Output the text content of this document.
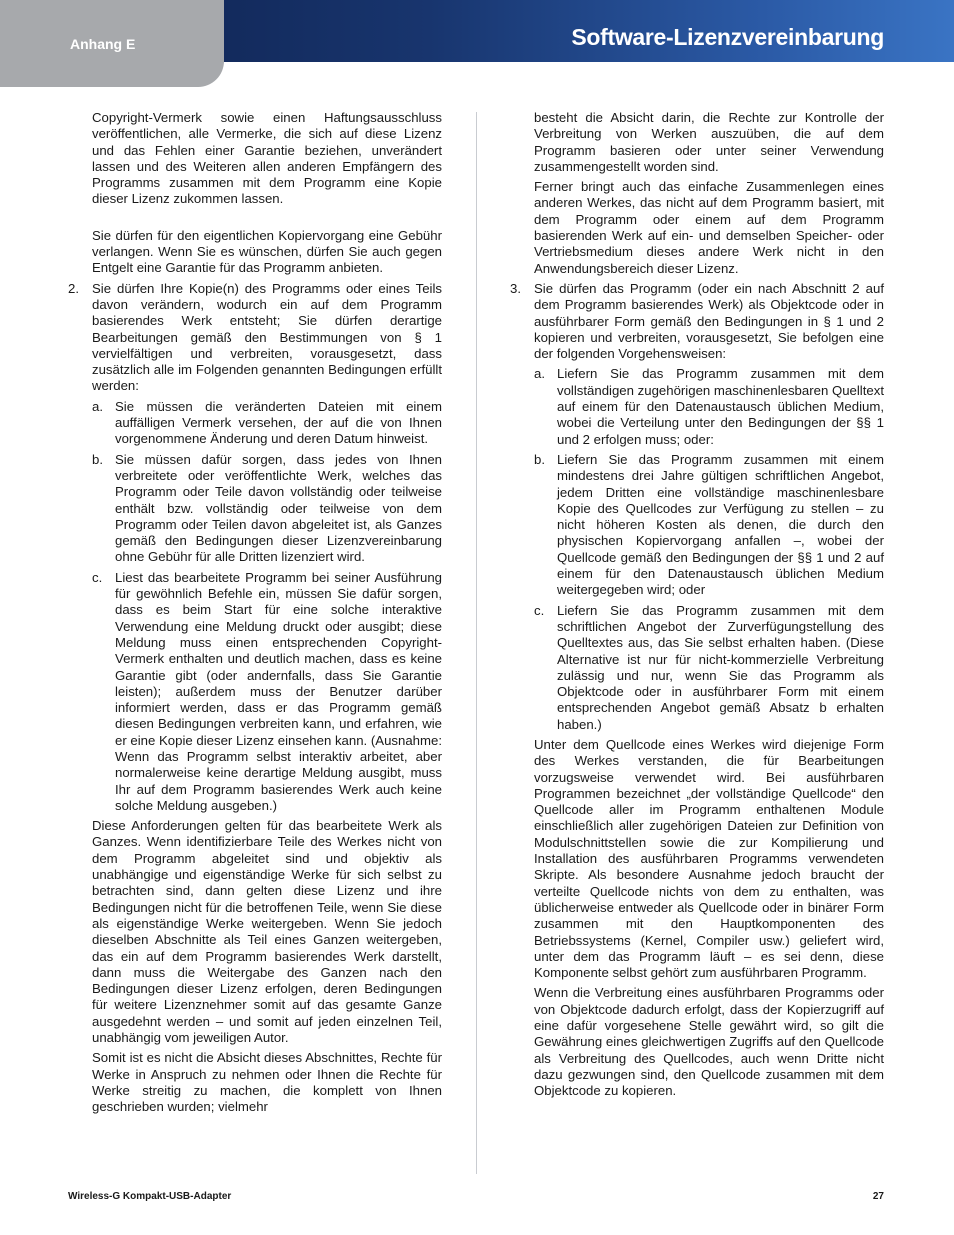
Anhang E	Software-Lizenzvereinbarung

Copyright-Vermerk sowie einen Haftungsausschluss veröffentlichen, alle Vermerke, die sich auf diese Lizenz und das Fehlen einer Garantie beziehen, unverändert lassen und des Weiteren allen anderen Empfängern des Programms zusammen mit dem Programm eine Kopie dieser Lizenz zukommen lassen.

Sie dürfen für den eigentlichen Kopiervorgang eine Gebühr verlangen. Wenn Sie es wünschen, dürfen Sie auch gegen Entgelt eine Garantie für das Programm anbieten.

2. Sie dürfen Ihre Kopie(n) des Programms oder eines Teils davon verändern, wodurch ein auf dem Programm basierendes Werk entsteht; Sie dürfen derartige Bearbeitungen gemäß den Bestimmungen von § 1 vervielfältigen und verbreiten, vorausgesetzt, dass zusätzlich alle im Folgenden genannten Bedingungen erfüllt werden:
a. Sie müssen die veränderten Dateien mit einem auffälligen Vermerk versehen, der auf die von Ihnen vorgenommene Änderung und deren Datum hinweist.
b. Sie müssen dafür sorgen, dass jedes von Ihnen verbreitete oder veröffentlichte Werk, welches das Programm oder Teile davon vollständig oder teilweise enthält bzw. vollständig oder teilweise von dem Programm oder Teilen davon abgeleitet ist, als Ganzes gemäß den Bedingungen dieser Lizenzvereinbarung ohne Gebühr für alle Dritten lizenziert wird.
c. Liest das bearbeitete Programm bei seiner Ausführung für gewöhnlich Befehle ein, müssen Sie dafür sorgen, dass es beim Start für eine solche interaktive Verwendung eine Meldung druckt oder ausgibt; diese Meldung muss einen entsprechenden Copyright-Vermerk enthalten und deutlich machen, dass es keine Garantie gibt (oder andernfalls, dass Sie Garantie leisten); außerdem muss der Benutzer darüber informiert werden, dass er das Programm gemäß diesen Bedingungen verbreiten kann, und erfahren, wie er eine Kopie dieser Lizenz einsehen kann. (Ausnahme: Wenn das Programm selbst interaktiv arbeitet, aber normalerweise keine derartige Meldung ausgibt, muss Ihr auf dem Programm basierendes Werk auch keine solche Meldung ausgeben.)

Diese Anforderungen gelten für das bearbeitete Werk als Ganzes. Wenn identifizierbare Teile des Werkes nicht von dem Programm abgeleitet sind und objektiv als unabhängige und eigenständige Werke für sich selbst zu betrachten sind, dann gelten diese Lizenz und ihre Bedingungen nicht für die betroffenen Teile, wenn Sie diese als eigenständige Werke weitergeben. Wenn Sie jedoch dieselben Abschnitte als Teil eines Ganzen weitergeben, das ein auf dem Programm basierendes Werk darstellt, dann muss die Weitergabe des Ganzen nach den Bedingungen dieser Lizenz erfolgen, deren Bedingungen für weitere Lizenznehmer somit auf das gesamte Ganze ausgedehnt werden – und somit auf jeden einzelnen Teil, unabhängig vom jeweiligen Autor.

Somit ist es nicht die Absicht dieses Abschnittes, Rechte für Werke in Anspruch zu nehmen oder Ihnen die Rechte für Werke streitig zu machen, die komplett von Ihnen geschrieben wurden; vielmehr

besteht die Absicht darin, die Rechte zur Kontrolle der Verbreitung von Werken auszuüben, die auf dem Programm basieren oder unter seiner Verwendung zusammengestellt worden sind.

Ferner bringt auch das einfache Zusammenlegen eines anderen Werkes, das nicht auf dem Programm basiert, mit dem Programm oder einem auf dem Programm basierenden Werk auf ein- und demselben Speicher- oder Vertriebsmedium dieses andere Werk nicht in den Anwendungsbereich dieser Lizenz.

3. Sie dürfen das Programm (oder ein nach Abschnitt 2 auf dem Programm basierendes Werk) als Objektcode oder in ausführbarer Form gemäß den Bedingungen in § 1 und 2 kopieren und verbreiten, vorausgesetzt, Sie befolgen eine der folgenden Vorgehensweisen:
a. Liefern Sie das Programm zusammen mit dem vollständigen zugehörigen maschinenlesbaren Quelltext auf einem für den Datenaustausch üblichen Medium, wobei die Verteilung unter den Bedingungen der §§ 1 und 2 erfolgen muss; oder:
b. Liefern Sie das Programm zusammen mit einem mindestens drei Jahre gültigen schriftlichen Angebot, jedem Dritten eine vollständige maschinenlesbare Kopie des Quellcodes zur Verfügung zu stellen – zu nicht höheren Kosten als denen, die durch den physischen Kopiervorgang anfallen –, wobei der Quellcode gemäß den Bedingungen der §§ 1 und 2 auf einem für den Datenaustausch üblichen Medium weitergegeben wird; oder
c. Liefern Sie das Programm zusammen mit dem schriftlichen Angebot der Zurverfügungstellung des Quelltextes aus, das Sie selbst erhalten haben. (Diese Alternative ist nur für nicht-kommerzielle Verbreitung zulässig und nur, wenn Sie das Programm als Objektcode oder in ausführbarer Form mit einem entsprechenden Angebot gemäß Absatz b erhalten haben.)

Unter dem Quellcode eines Werkes wird diejenige Form des Werkes verstanden, die für Bearbeitungen vorzugsweise verwendet wird. Bei ausführbaren Programmen bezeichnet „der vollständige Quellcode“ den Quellcode aller im Programm enthaltenen Module einschließlich aller zugehörigen Dateien zur Definition von Modulschnittstellen sowie die zur Kompilierung und Installation des ausführbaren Programms verwendeten Skripte. Als besondere Ausnahme jedoch braucht der verteilte Quellcode nichts von dem zu enthalten, was üblicherweise entweder als Quellcode oder in binärer Form zusammen mit den Hauptkomponenten des Betriebssystems (Kernel, Compiler usw.) geliefert wird, unter dem das Programm läuft – es sei denn, diese Komponente selbst gehört zum ausführbaren Programm.

Wenn die Verbreitung eines ausführbaren Programms oder von Objektcode dadurch erfolgt, dass der Kopierzugriff auf eine dafür vorgesehene Stelle gewährt wird, so gilt die Gewährung eines gleichwertigen Zugriffs auf den Quellcode als Verbreitung des Quellcodes, auch wenn Dritte nicht dazu gezwungen sind, den Quellcode zusammen mit dem Objektcode zu kopieren.

Wireless-G Kompakt-USB-Adapter	27
